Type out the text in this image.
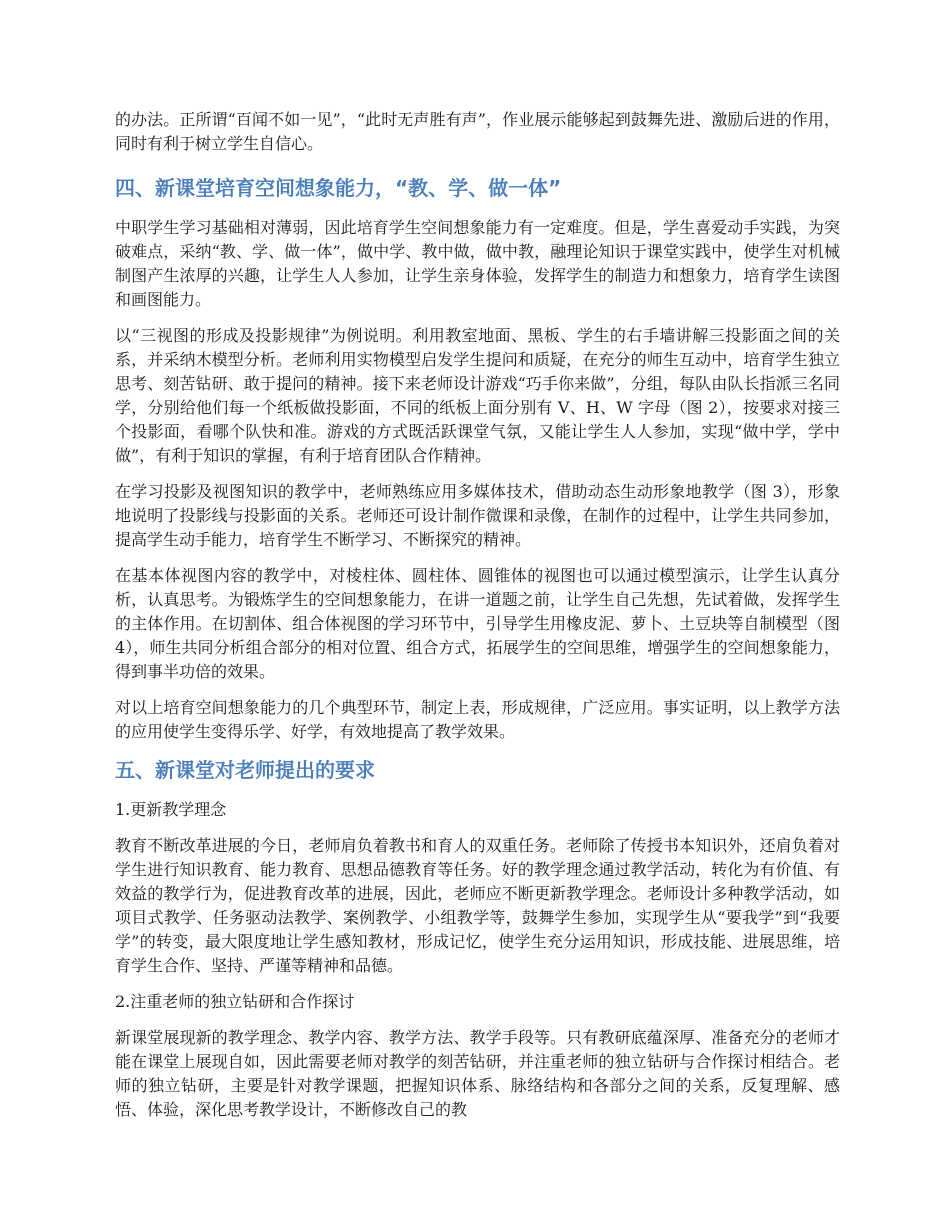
的办法。正所谓“百闻不如一见”，“此时无声胜有声”，作业展示能够起到鼓舞先进、激励后进的作用，同时有利于树立学生自信心。

四、新课堂培育空间想象能力，“教、学、做一体”

中职学生学习基础相对薄弱，因此培育学生空间想象能力有一定难度。但是，学生喜爱动手实践，为突破难点，采纳“教、学、做一体”，做中学、教中做，做中教，融理论知识于课堂实践中，使学生对机械制图产生浓厚的兴趣，让学生人人参加，让学生亲身体验，发挥学生的制造力和想象力，培育学生读图和画图能力。

以“三视图的形成及投影规律”为例说明。利用教室地面、黑板、学生的右手墙讲解三投影面之间的关系，并采纳木模型分析。老师利用实物模型启发学生提问和质疑，在充分的师生互动中，培育学生独立思考、刻苦钻研、敢于提问的精神。接下来老师设计游戏“巧手你来做”，分组，每队由队长指派三名同学，分别给他们每一个纸板做投影面，不同的纸板上面分别有 V、H、W 字母（图 2），按要求对接三个投影面，看哪个队快和准。游戏的方式既活跃课堂气氛，又能让学生人人参加，实现“做中学，学中做”，有利于知识的掌握，有利于培育团队合作精神。

在学习投影及视图知识的教学中，老师熟练应用多媒体技术，借助动态生动形象地教学（图 3），形象地说明了投影线与投影面的关系。老师还可设计制作微课和录像，在制作的过程中，让学生共同参加，提高学生动手能力，培育学生不断学习、不断探究的精神。

在基本体视图内容的教学中，对棱柱体、圆柱体、圆锥体的视图也可以通过模型演示，让学生认真分析，认真思考。为锻炼学生的空间想象能力，在讲一道题之前，让学生自己先想，先试着做，发挥学生的主体作用。在切割体、组合体视图的学习环节中，引导学生用橡皮泥、萝卜、土豆块等自制模型（图 4），师生共同分析组合部分的相对位置、组合方式，拓展学生的空间思维，增强学生的空间想象能力，得到事半功倍的效果。

对以上培育空间想象能力的几个典型环节，制定上表，形成规律，广泛应用。事实证明，以上教学方法的应用使学生变得乐学、好学，有效地提高了教学效果。

五、新课堂对老师提出的要求

1.更新教学理念

教育不断改革进展的今日，老师肩负着教书和育人的双重任务。老师除了传授书本知识外，还肩负着对学生进行知识教育、能力教育、思想品德教育等任务。好的教学理念通过教学活动，转化为有价值、有效益的教学行为，促进教育改革的进展，因此，老师应不断更新教学理念。老师设计多种教学活动，如项目式教学、任务驱动法教学、案例教学、小组教学等，鼓舞学生参加，实现学生从“要我学”到“我要学”的转变，最大限度地让学生感知教材，形成记忆，使学生充分运用知识，形成技能、进展思维，培育学生合作、坚持、严谨等精神和品德。

2.注重老师的独立钻研和合作探讨

新课堂展现新的教学理念、教学内容、教学方法、教学手段等。只有教研底蕴深厚、准备充分的老师才能在课堂上展现自如，因此需要老师对教学的刻苦钻研，并注重老师的独立钻研与合作探讨相结合。老师的独立钻研，主要是针对教学课题，把握知识体系、脉络结构和各部分之间的关系，反复理解、感悟、体验，深化思考教学设计，不断修改自己的教
